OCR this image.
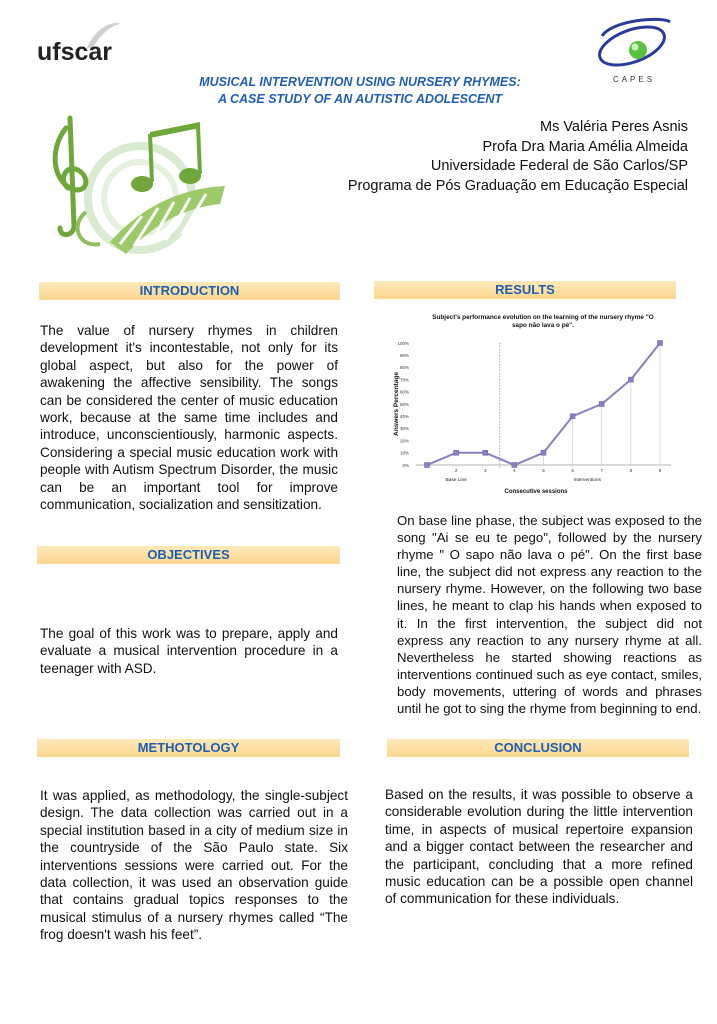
ufscar
CAPES
MUSICAL INTERVENTION USING NURSERY RHYMES:
A CASE STUDY OF AN AUTISTIC ADOLESCENT
Ms Valéria Peres Asnis
Profa Dra Maria Amélia Almeida
Universidade Federal de São Carlos/SP
Programa de Pós Graduação em Educação Especial
INTRODUCTION
The value of nursery rhymes in children development it's incontestable, not only for its global aspect, but also for the power of awakening the affective sensibility. The songs can be considered the center of music education work, because at the same time includes and introduce, unconscientiously, harmonic aspects. Considering a special music education work with people with Autism Spectrum Disorder, the music can be an important tool for improve communication, socialization and sensitization.
OBJECTIVES
The goal of this work was to prepare, apply and evaluate a musical intervention procedure in a teenager with ASD.
METHOTOLOGY
It was applied, as methodology, the single-subject design. The data collection was carried out in a special institution based in a city of medium size in the countryside of the São Paulo state. Six interventions sessions were carried out. For the data collection, it was used an observation guide that contains gradual topics responses to the musical stimulus of a nursery rhymes called “The frog doesn't wash his feet”.
RESULTS
Subject's performance evolution on the learning of the nursery rhyme "O sapo não lava o pé".
Answers Percentage
Consecutive sessions
0%
10%
20%
30%
40%
50%
60%
70%
80%
90%
100%
2	3	4	5	6	7	8	9
Base Line	Interventions
On base line phase, the subject was exposed to the song "Ai se eu te pego", followed by the nursery rhyme " O sapo não lava o pé". On the first base line, the subject did not express any reaction to the nursery rhyme. However, on the following two base lines, he meant to clap his hands when exposed to it. In the first intervention, the subject did not express any reaction to any nursery rhyme at all. Nevertheless he started showing reactions as interventions continued such as eye contact, smiles, body movements, uttering of words and phrases until he got to sing the rhyme from beginning to end.
CONCLUSION
Based on the results, it was possible to observe a considerable evolution during the little intervention time, in aspects of musical repertoire expansion and a bigger contact between the researcher and the participant, concluding that a more refined music education can be a possible open channel of communication for these individuals.
